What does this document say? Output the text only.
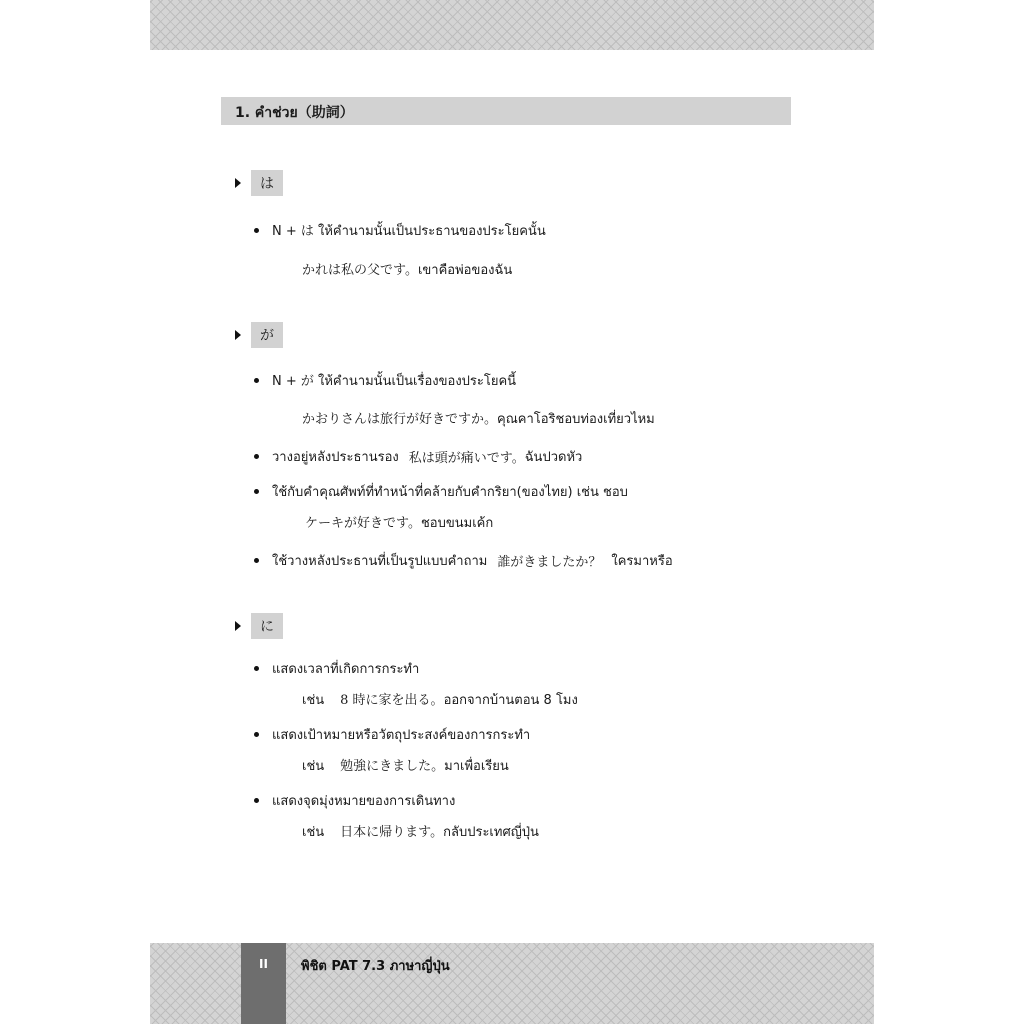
1. คำช่วย（助詞）
は
N + は ให้คำนามนั้นเป็นประธานของประโยคนั้น
かれは私の父です。เขาคือพ่อของฉัน
が
N + が ให้คำนามนั้นเป็นเรื่องของประโยคนี้
かおりさんは旅行が好きですか。คุณคาโอริชอบท่องเที่ยวไหม
วางอยู่หลังประธานรอง 私は頭が痛いです。 ฉันปวดหัว
ใช้กับคำคุณศัพท์ที่ทำหน้าที่คล้ายกับคำกริยา(ของไทย) เช่น ชอบ
ケーキが好きです。ชอบขนมเค้ก
ใช้วางหลังประธานที่เป็นรูปแบบคำถาม 誰がきましたか？ ใครมาหรือ
に
แสดงเวลาที่เกิดการกระทำ
เช่น 8 時に家を出る。ออกจากบ้านตอน 8 โมง
แสดงเป้าหมายหรือวัตถุประสงค์ของการกระทำ
เช่น 勉強にきました。มาเพื่อเรียน
แสดงจุดมุ่งหมายของการเดินทาง
เช่น 日本に帰ります。กลับประเทศญี่ปุ่น
II	พิชิต PAT 7.3 ภาษาญี่ปุ่น
